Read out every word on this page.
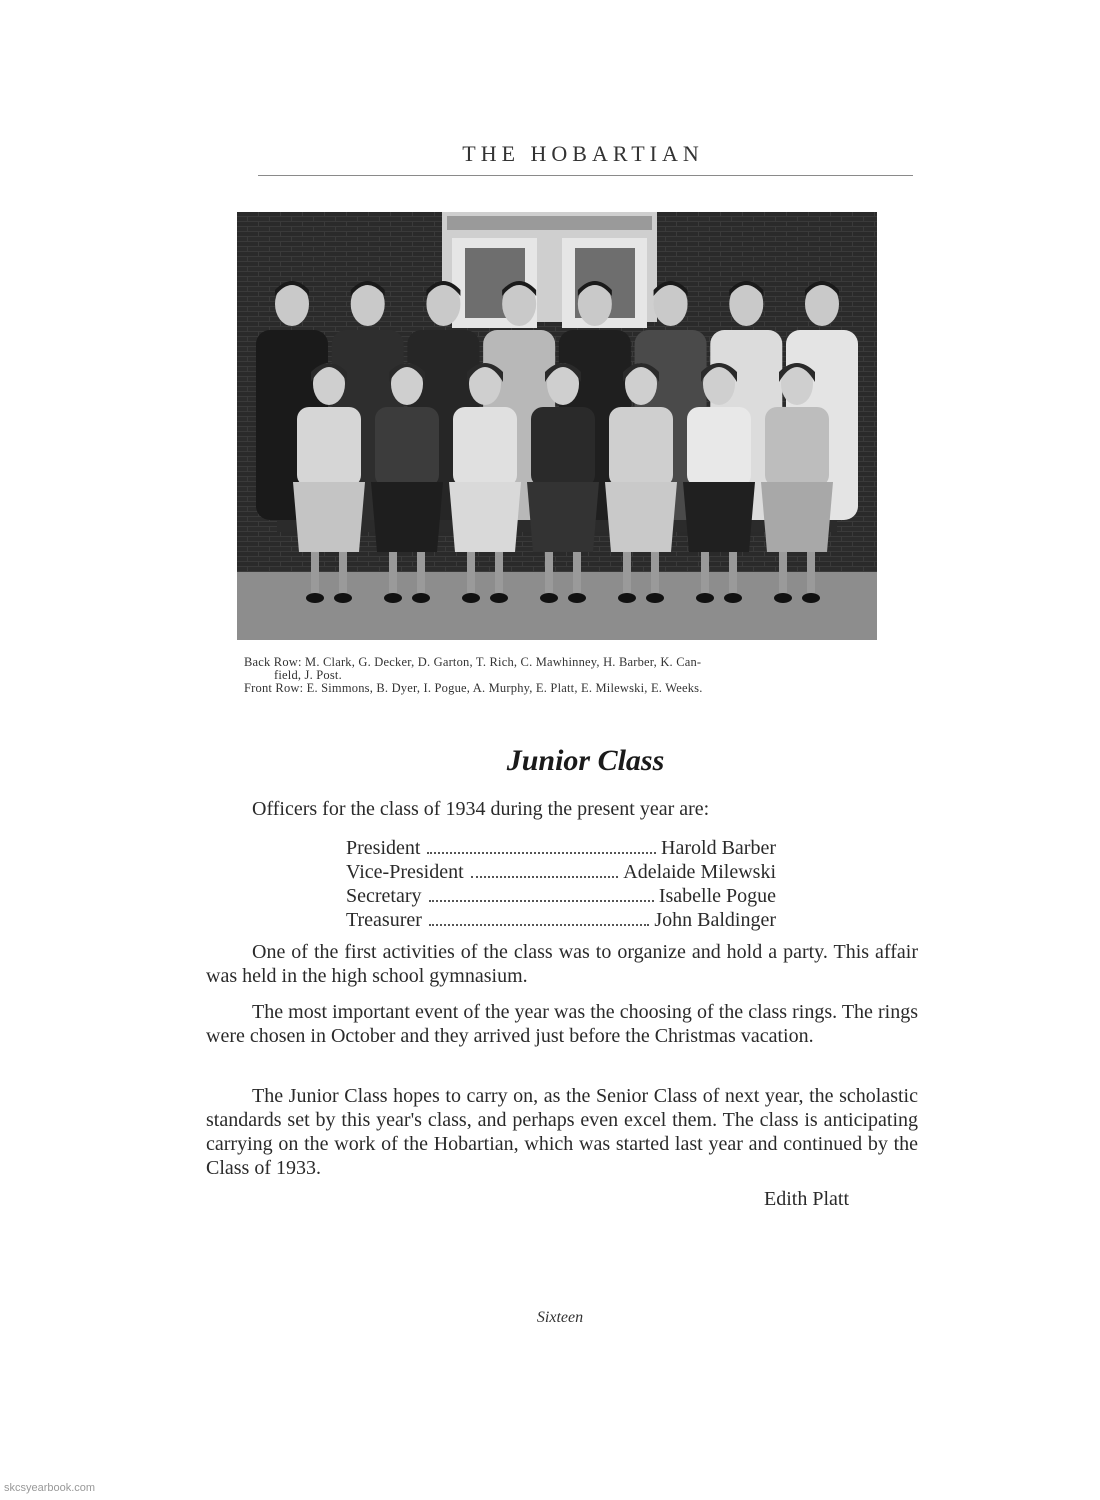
THE HOBARTIAN
Back Row: M. Clark, G. Decker, D. Garton, T. Rich, C. Mawhinney, H. Barber, K. Can-
field, J. Post.
Front Row: E. Simmons, B. Dyer, I. Pogue, A. Murphy, E. Platt, E. Milewski, E. Weeks.
Junior Class
Officers for the class of 1934 during the present year are:
President	Harold Barber
Vice-President	Adelaide Milewski
Secretary	Isabelle Pogue
Treasurer	John Baldinger

One of the first activities of the class was to organize and hold a party. This affair was held in the high school gymnasium.

The most important event of the year was the choosing of the class rings. The rings were chosen in October and they arrived just before the Christmas vacation.

The Junior Class hopes to carry on, as the Senior Class of next year, the scholastic standards set by this year's class, and perhaps even excel them. The class is anticipating carrying on the work of the Hobartian, which was started last year and continued by the Class of 1933.

Edith Platt
Sixteen
skcsyearbook.com
